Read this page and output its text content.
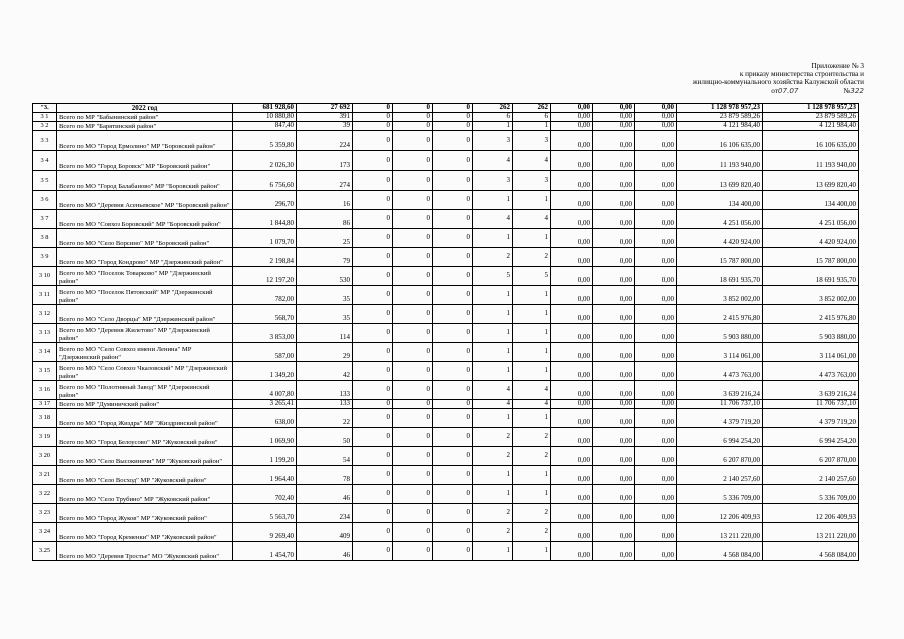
Приложение № 3
к приказу министерства строительства и
жилищно-коммунального хозяйства Калужской области
от07.07	№322
"3.	2022 год	681 928,60	27 692	0	0	0	262	262	0,00	0,00	0,00	1 128 978 957,23	1 128 978 957,23
3 1	Всего по МР "Бабынинский район"	10 880,80	391	0	0	0	6	6	0,00	0,00	0,00	23 879 589,26	23 879 589,26
3 2	Всего по МР "Барятинский район"	847,40	39	0	0	0	1	1	0,00	0,00	0,00	4 121 984,40	4 121 984,40
3 3	Всего по МО "Город Ермолино" МР "Боровский район"	5 359,80	224	0	0	0	3	3	0,00	0,00	0,00	16 106 635,00	16 106 635,00
3 4	Всего по МО "Город Боровск" МР "Боровский район"	2 026,30	173	0	0	0	4	4	0,00	0,00	0,00	11 193 940,00	11 193 940,00
3 5	Всего по МО "Город Балабаново" МР "Боровский район"	6 756,60	274	0	0	0	3	3	0,00	0,00	0,00	13 699 820,40	13 699 820,40
3 6	Всего по МО "Деревня Асеньевское" МР "Боровский район"	296,70	16	0	0	0	1	1	0,00	0,00	0,00	134 400,00	134 400,00
3 7	Всего по МО "Совхоз Боровский" МР "Боровский район"	1 844,80	86	0	0	0	4	4	0,00	0,00	0,00	4 251 056,00	4 251 056,00
3 8	Всего по МО "Село Ворсино" МР "Боровский район"	1 079,70	25	0	0	0	1	1	0,00	0,00	0,00	4 420 924,00	4 420 924,00
3 9	Всего по МО "Город Кондрово" МР "Дзержинский район"	2 198,84	79	0	0	0	2	2	0,00	0,00	0,00	15 787 800,00	15 787 800,00
3 10	Всего по МО "Поселок Товарково" МР "Дзержинский район"	12 197,20	530	0	0	0	5	5	0,00	0,00	0,00	18 691 935,70	18 691 935,70
3 11	Всего по МО "Поселок Пятовский" МР "Дзержинский район"	782,00	35	0	0	0	1	1	0,00	0,00	0,00	3 852 002,00	3 852 002,00
3 12	Всего по МО "Село Дворцы" МР "Дзержинский район"	568,70	35	0	0	0	1	1	0,00	0,00	0,00	2 415 976,80	2 415 976,80
3 13	Всего по МО "Деревня Жилетово" МР "Дзержинский район"	3 853,00	114	0	0	0	1	1	0,00	0,00	0,00	5 903 880,00	5 903 880,00
3 14	Всего по МО "Село Совхоз имени Ленина" МР "Дзержинский район"	587,00	29	0	0	0	1	1	0,00	0,00	0,00	3 114 061,00	3 114 061,00
3 15	Всего по МО "Село Совхоз Чкаловский" МР "Дзержинский район"	1 349,20	42	0	0	0	1	1	0,00	0,00	0,00	4 473 763,00	4 473 763,00
3 16	Всего по МО "Полотняный Завод" МР "Дзержинский район"	4 007,80	133	0	0	0	4	4	0,00	0,00	0,00	3 639 216,24	3 639 216,24
3 17	Всего по МР "Думиничский район"	3 265,41	133	0	0	0	4	4	0,00	0,00	0,00	11 706 737,10	11 706 737,10
3 18	Всего по МО "Город Жиздра" МР "Жиздринский район"	638,00	22	0	0	0	1	1	0,00	0,00	0,00	4 379 719,20	4 379 719,20
3 19	Всего по МО "Город Белоусово" МР "Жуковский район"	1 069,90	50	0	0	0	2	2	0,00	0,00	0,00	6 994 254,20	6 994 254,20
3 20	Всего по МО "Село Высокиничи" МР "Жуковский район"	1 199,20	54	0	0	0	2	2	0,00	0,00	0,00	6 207 870,00	6 207 870,00
3 21	Всего по МО "Село Восход" МР "Жуковский район"	1 964,40	78	0	0	0	1	1	0,00	0,00	0,00	2 140 257,60	2 140 257,60
3 22	Всего по МО "Село Трубино" МР "Жуковский район"	702,40	46	0	0	0	1	1	0,00	0,00	0,00	5 336 709,00	5 336 709,00
3 23	Всего по МО "Город Жуков" МР "Жуковский район"	5 563,70	234	0	0	0	2	2	0,00	0,00	0,00	12 206 409,93	12 206 409,93
3 24	Всего по МО "Город Кременки" МР "Жуковский район"	9 269,40	409	0	0	0	2	2	0,00	0,00	0,00	13 211 220,00	13 211 220,00
3.25	Всего по МО "Деревня Тростье" МО "Жуковский район"	1 454,70	46	0	0	0	1	1	0,00	0,00	0,00	4 568 084,00	4 568 084,00
